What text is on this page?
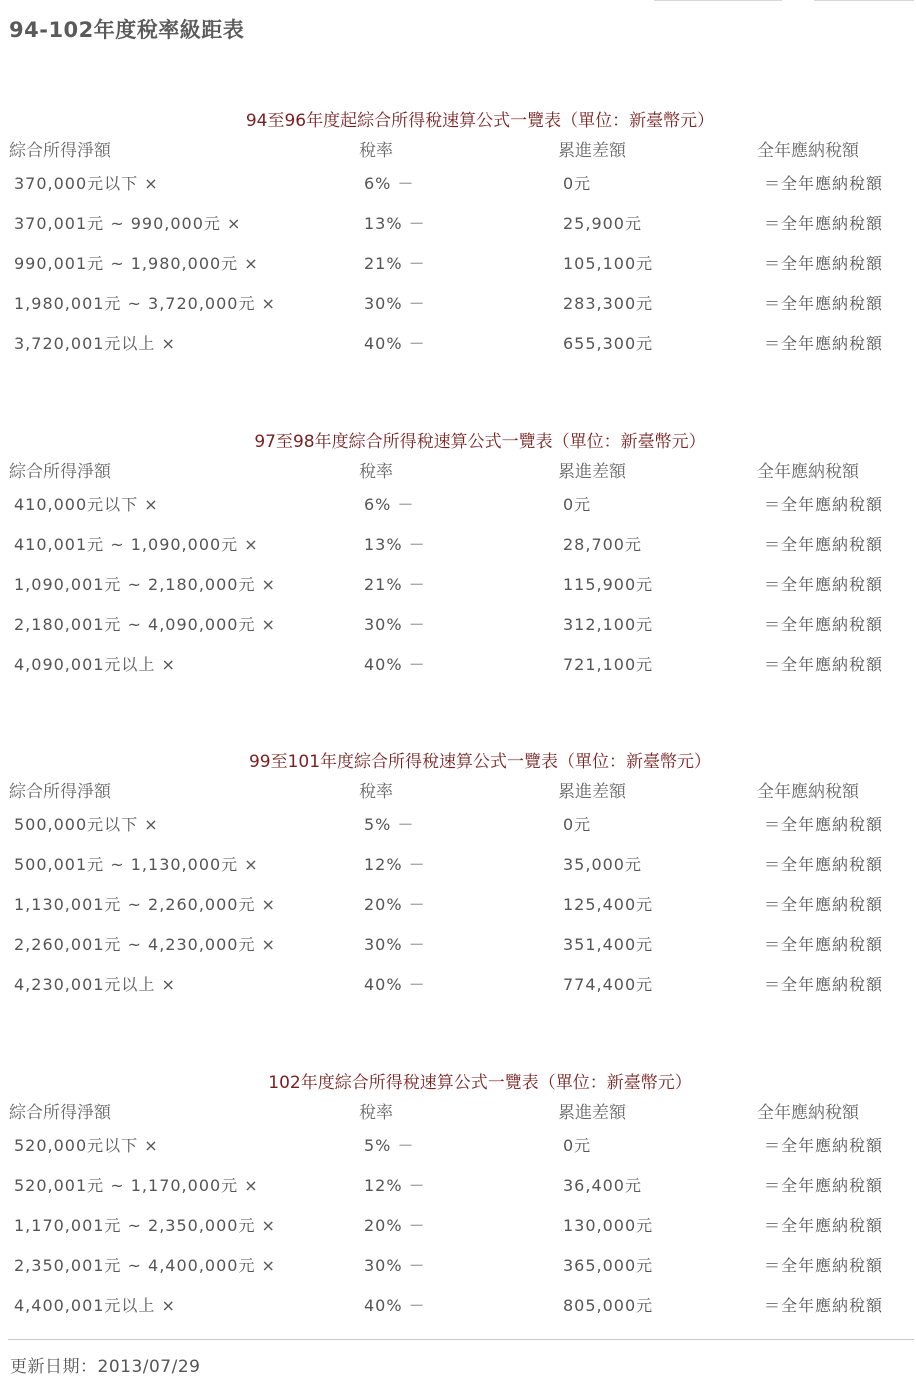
94-102年度稅率級距表
94至96年度起綜合所得稅速算公式一覽表（單位：新臺幣元）
綜合所得淨額	稅率	累進差額	全年應納稅額
370,000元以下 ×	6% －	0元	＝全年應納稅額
370,001元 ~ 990,000元 ×	13% －	25,900元	＝全年應納稅額
990,001元 ~ 1,980,000元 ×	21% －	105,100元	＝全年應納稅額
1,980,001元 ~ 3,720,000元 ×	30% －	283,300元	＝全年應納稅額
3,720,001元以上 ×	40% －	655,300元	＝全年應納稅額
97至98年度綜合所得稅速算公式一覽表（單位：新臺幣元）
綜合所得淨額	稅率	累進差額	全年應納稅額
410,000元以下 ×	6% －	0元	＝全年應納稅額
410,001元 ~ 1,090,000元 ×	13% －	28,700元	＝全年應納稅額
1,090,001元 ~ 2,180,000元 ×	21% －	115,900元	＝全年應納稅額
2,180,001元 ~ 4,090,000元 ×	30% －	312,100元	＝全年應納稅額
4,090,001元以上 ×	40% －	721,100元	＝全年應納稅額
99至101年度綜合所得稅速算公式一覽表（單位：新臺幣元）
綜合所得淨額	稅率	累進差額	全年應納稅額
500,000元以下 ×	5% －	0元	＝全年應納稅額
500,001元 ~ 1,130,000元 ×	12% －	35,000元	＝全年應納稅額
1,130,001元 ~ 2,260,000元 ×	20% －	125,400元	＝全年應納稅額
2,260,001元 ~ 4,230,000元 ×	30% －	351,400元	＝全年應納稅額
4,230,001元以上 ×	40% －	774,400元	＝全年應納稅額
102年度綜合所得稅速算公式一覽表（單位：新臺幣元）
綜合所得淨額	稅率	累進差額	全年應納稅額
520,000元以下 ×	5% －	0元	＝全年應納稅額
520,001元 ~ 1,170,000元 ×	12% －	36,400元	＝全年應納稅額
1,170,001元 ~ 2,350,000元 ×	20% －	130,000元	＝全年應納稅額
2,350,001元 ~ 4,400,000元 ×	30% －	365,000元	＝全年應納稅額
4,400,001元以上 ×	40% －	805,000元	＝全年應納稅額
更新日期：2013/07/29
